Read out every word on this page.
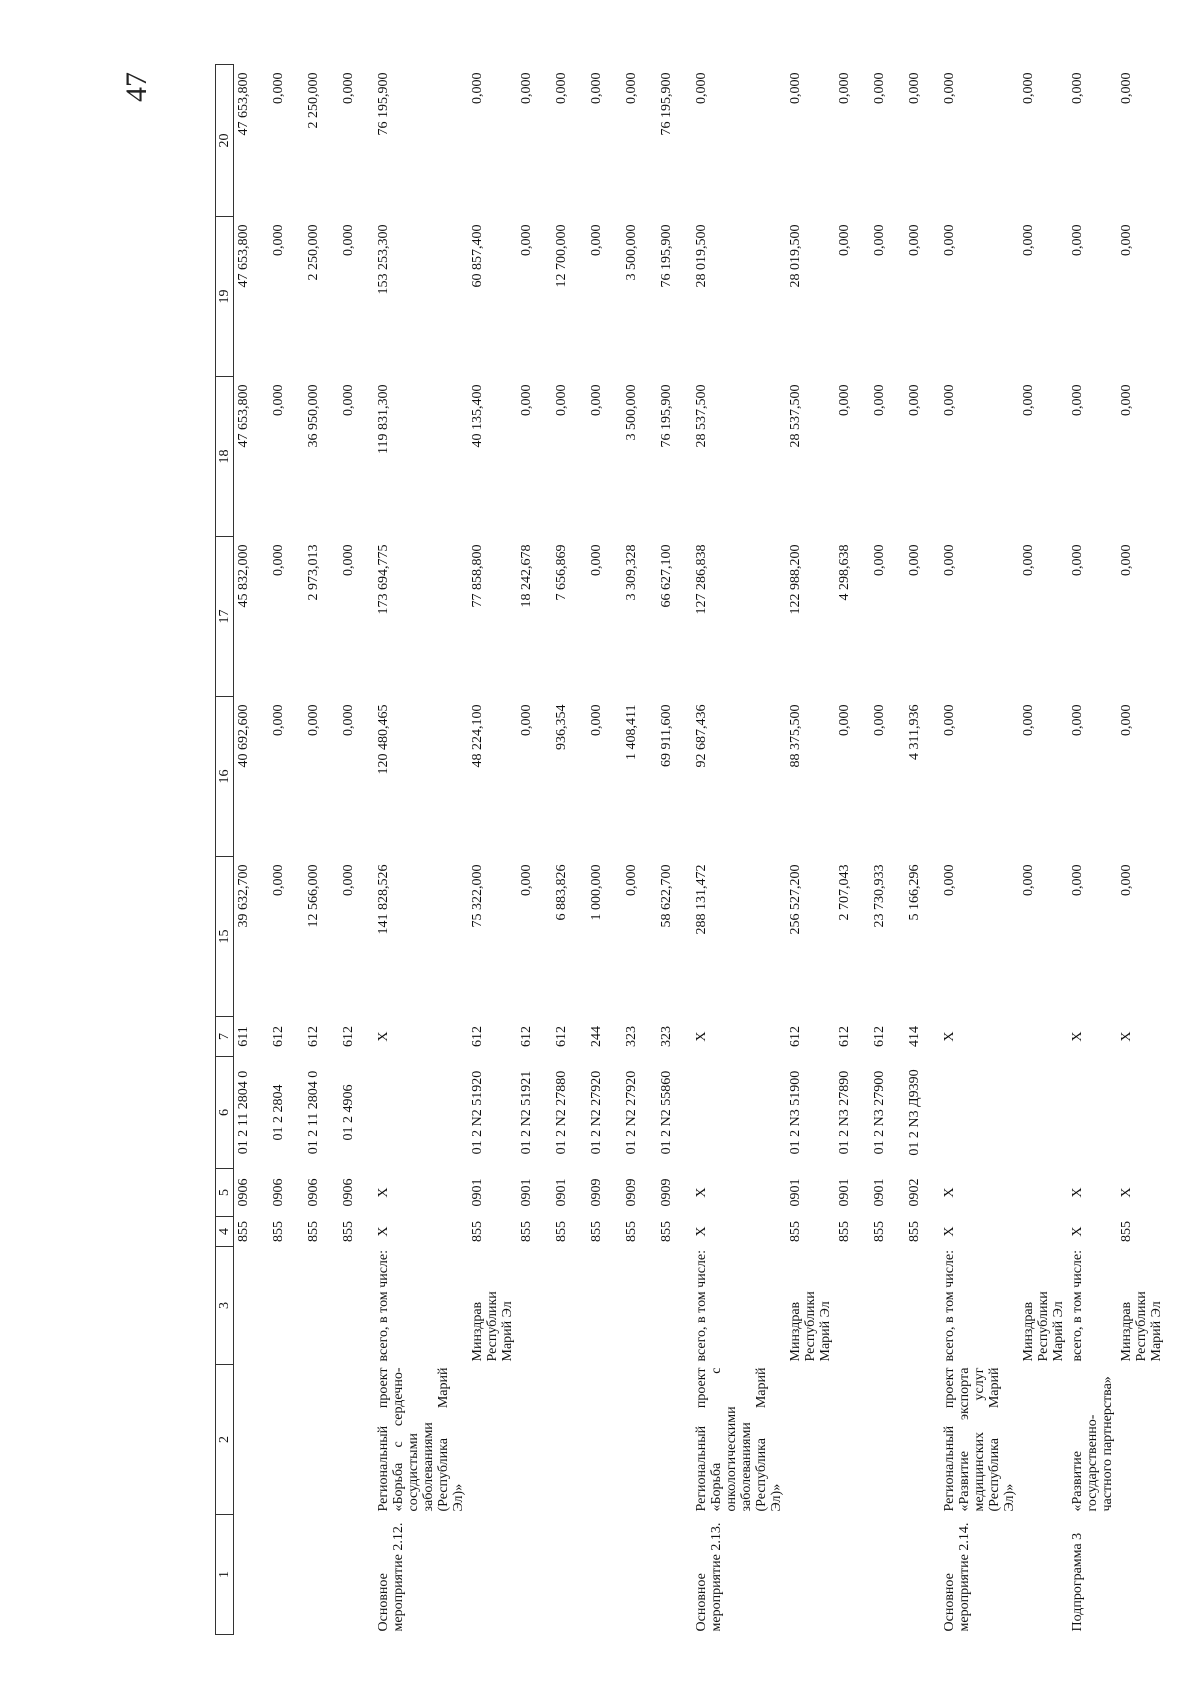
47
1	2	3	4	5	6	7	15	16	17	18	19	20
			855	0906	01 2 11 2804 0	611	39 632,700	40 692,600	45 832,000	47 653,800	47 653,800	47 653,800
			855	0906	01 2 2804	612	0,000	0,000	0,000	0,000	0,000	0,000
			855	0906	01 2 11 2804 0	612	12 566,000	0,000	2 973,013	36 950,000	2 250,000	2 250,000
			855	0906	01 2 4906	612	0,000	0,000	0,000	0,000	0,000	0,000
Основное мероприятие 2.12.	Региональный проект «Борьба с сердечно-сосудистыми заболеваниями (Республика Марий Эл)»	всего, в том числе:	Х	Х		Х	141 828,526	120 480,465	173 694,775	119 831,300	153 253,300	76 195,900
		Минздрав Республики Марий Эл	855	0901	01 2 N2 51920	612	75 322,000	48 224,100	77 858,800	40 135,400	60 857,400	0,000
			855	0901	01 2 N2 51921	612	0,000	0,000	18 242,678	0,000	0,000	0,000
			855	0901	01 2 N2 27880	612	6 883,826	936,354	7 656,869	0,000	12 700,000	0,000
			855	0909	01 2 N2 27920	244	1 000,000	0,000	0,000	0,000	0,000	0,000
			855	0909	01 2 N2 27920	323	0,000	1 408,411	3 309,328	3 500,000	3 500,000	0,000
			855	0909	01 2 N2 55860	323	58 622,700	69 911,600	66 627,100	76 195,900	76 195,900	76 195,900
Основное мероприятие 2.13.	Региональный проект «Борьба с онкологическими заболеваниями (Республика Марий Эл)»	всего, в том числе:	Х	Х		Х	288 131,472	92 687,436	127 286,838	28 537,500	28 019,500	0,000
		Минздрав Республики Марий Эл	855	0901	01 2 N3 51900	612	256 527,200	88 375,500	122 988,200	28 537,500	28 019,500	0,000
			855	0901	01 2 N3 27890	612	2 707,043	0,000	4 298,638	0,000	0,000	0,000
			855	0901	01 2 N3 27900	612	23 730,933	0,000	0,000	0,000	0,000	0,000
			855	0902	01 2 N3 Д9390	414	5 166,296	4 311,936	0,000	0,000	0,000	0,000
Основное мероприятие 2.14.	Региональный проект «Развитие экспорта медицинских услуг (Республика Марий Эл)»	всего, в том числе:	Х	Х		Х	0,000	0,000	0,000	0,000	0,000	0,000
		Минздрав Республики Марий Эл					0,000	0,000	0,000	0,000	0,000	0,000
Подпрограмма 3	«Развитие государственно-частного партнерства»	всего, в том числе:	Х	Х		Х	0,000	0,000	0,000	0,000	0,000	0,000
		Минздрав Республики Марий Эл	855	Х		Х	0,000	0,000	0,000	0,000	0,000	0,000
